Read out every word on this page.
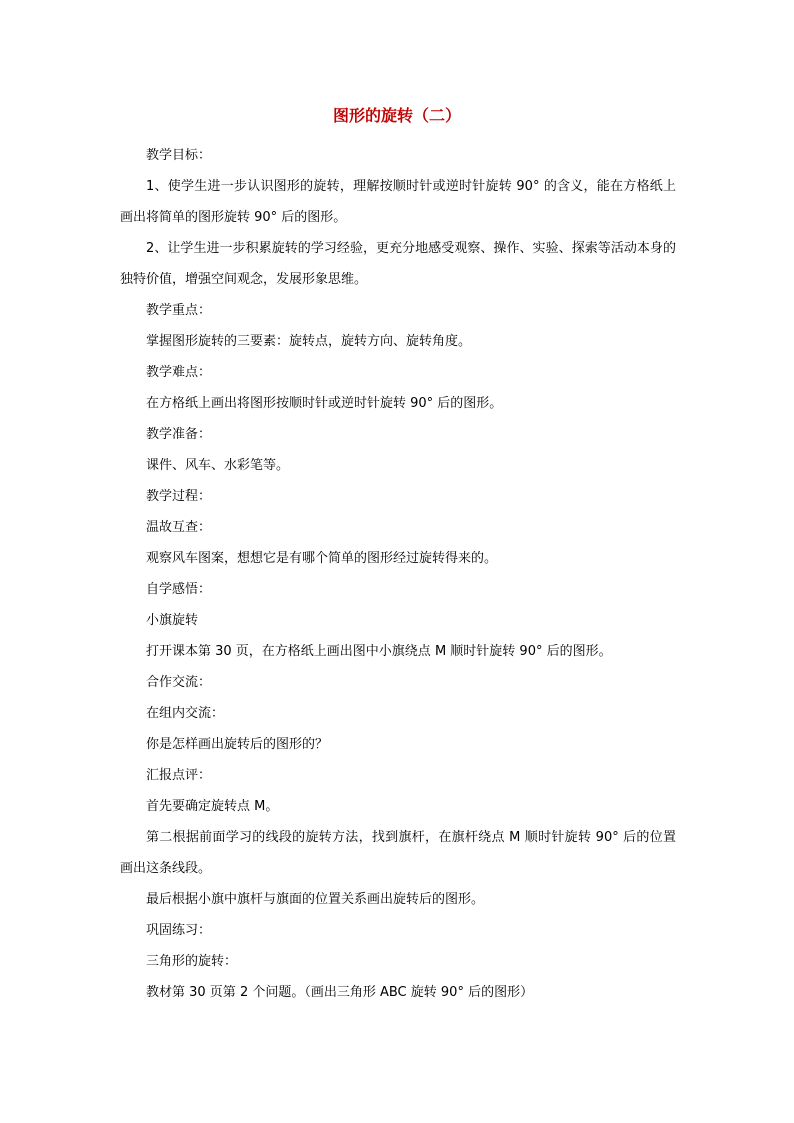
图形的旋转（二）

教学目标：

1、使学生进一步认识图形的旋转，理解按顺时针或逆时针旋转 90° 的含义，能在方格纸上画出将简单的图形旋转 90° 后的图形。

2、让学生进一步积累旋转的学习经验，更充分地感受观察、操作、实验、探索等活动本身的独特价值，增强空间观念，发展形象思维。

教学重点：

掌握图形旋转的三要素：旋转点，旋转方向、旋转角度。

教学难点：

在方格纸上画出将图形按顺时针或逆时针旋转 90° 后的图形。

教学准备：

课件、风车、水彩笔等。

教学过程：

温故互查：

观察风车图案，想想它是有哪个简单的图形经过旋转得来的。

自学感悟：

小旗旋转

打开课本第 30 页，在方格纸上画出图中小旗绕点 M 顺时针旋转 90° 后的图形。

合作交流：

在组内交流：

你是怎样画出旋转后的图形的？

汇报点评：

首先要确定旋转点 M。

第二根据前面学习的线段的旋转方法，找到旗杆，在旗杆绕点 M 顺时针旋转 90° 后的位置画出这条线段。

最后根据小旗中旗杆与旗面的位置关系画出旋转后的图形。

巩固练习：

三角形的旋转：

教材第 30 页第 2 个问题。（画出三角形 ABC 旋转 90° 后的图形）
